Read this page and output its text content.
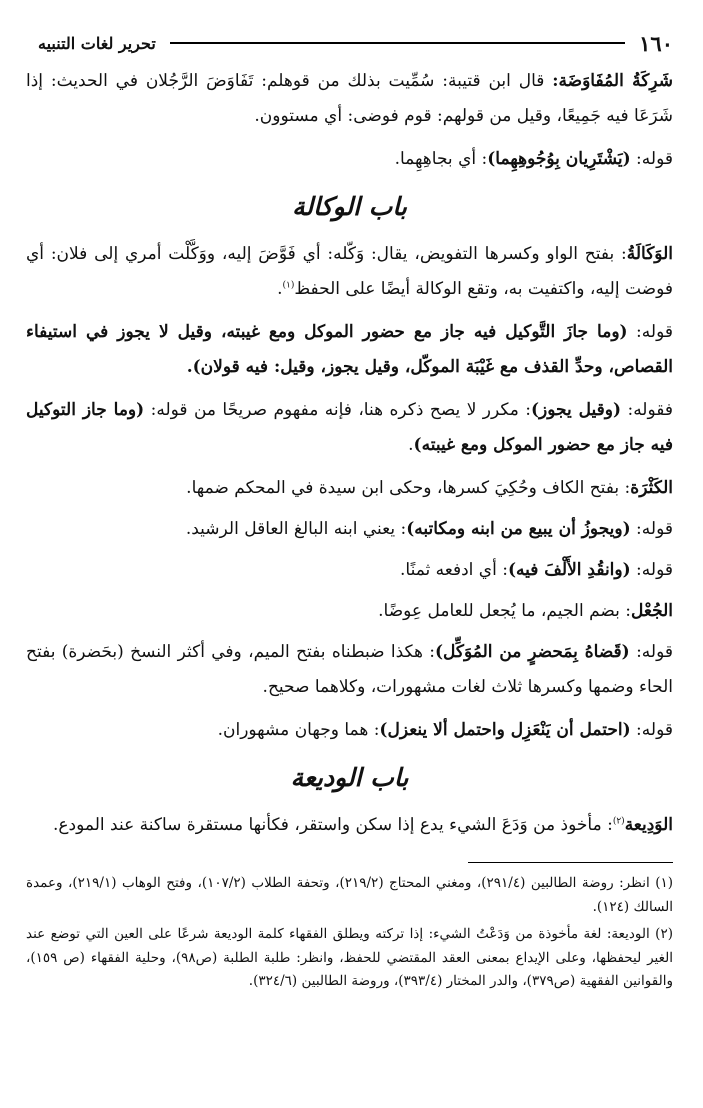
١٦٠
تحرير لغات التنبيه

شَرِكَةُ المُفَاوَضَة: قال ابن قتيبة: سُمِّيت بذلك من قوهلم: تَفَاوَضَ الرَّجُلان في الحديث: إذا شَرَعَا فيه جَمِيعًا، وقيل من قولهم: قوم فوضى: أي مستوون.

قوله: (يَشْتَرِيان بِوُجُوهِهِما): أي بجاهِهِما.

باب الوكالة

الوَكَالَةُ: بفتح الواو وكسرها التفويض، يقال: وَكّله: أي فَوَّضَ إليه، ووَكَّلْت أمري إلى فلان: أي فوضت إليه، واكتفيت به، وتقع الوكالة أيضًا على الحفظ$^{(١)}$.

قوله: (وما جازَ التَّوكيل فيه جاز مع حضور الموكل ومع غيبته، وقيل لا يجوز في استيفاء القصاص، وحدِّ القذف مع غَيْبَة الموكّل، وقيل يجوز، وقيل: فيه قولان).

فقوله: (وقيل يجوز): مكرر لا يصح ذكره هنا، فإنه مفهوم صريحًا من قوله: (وما جاز التوكيل فيه جاز مع حضور الموكل ومع غيبته).

الكَثْرَة: بفتح الكاف وحُكِيَ كسرها، وحكى ابن سيدة في المحكم ضمها.

قوله: (ويجوزُ أن يبيع من ابنه ومكاتبه): يعني ابنه البالغ العاقل الرشيد.

قوله: (وانقُدِ الأَلْفَ فيه): أي ادفعه ثمنًا.

الجُعْل: بضم الجيم، ما يُجعل للعامل عِوضًا.

قوله: (قَضاهُ بِمَحضرٍ من المُوَكِّل): هكذا ضبطناه بفتح الميم، وفي أكثر النسخ (بحَضرة) بفتح الحاء وضمها وكسرها ثلاث لغات مشهورات، وكلاهما صحيح.

قوله: (احتمل أن يَنْعَزِل واحتمل ألا ينعزل): هما وجهان مشهوران.

باب الوديعة

الوَدِيعة$^{(٢)}$: مأخوذ من وَدَعَ الشيء يدع إذا سكن واستقر، فكأنها مستقرة ساكنة عند المودع.

(١) انظر: روضة الطالبين (٢٩١/٤)، ومغني المحتاج (٢١٩/٢)، وتحفة الطلاب (١٠٧/٢)، وفتح الوهاب (٢١٩/١)، وعمدة السالك (١٢٤).

(٢) الوديعة: لغة مأخوذة من وَدَعْتُ الشيء: إذا تركته ويطلق الفقهاء كلمة الوديعة شرعًا على العين التي توضع عند الغير ليحفظها، وعلى الإيداع بمعنى العقد المقتضي للحفظ، وانظر: طلبة الطلبة (ص٩٨)، وحلية الفقهاء (ص ١٥٩)، والقوانين الفقهية (ص٣٧٩)، والدر المختار (٣٩٣/٤)، وروضة الطالبين (٣٢٤/٦).
